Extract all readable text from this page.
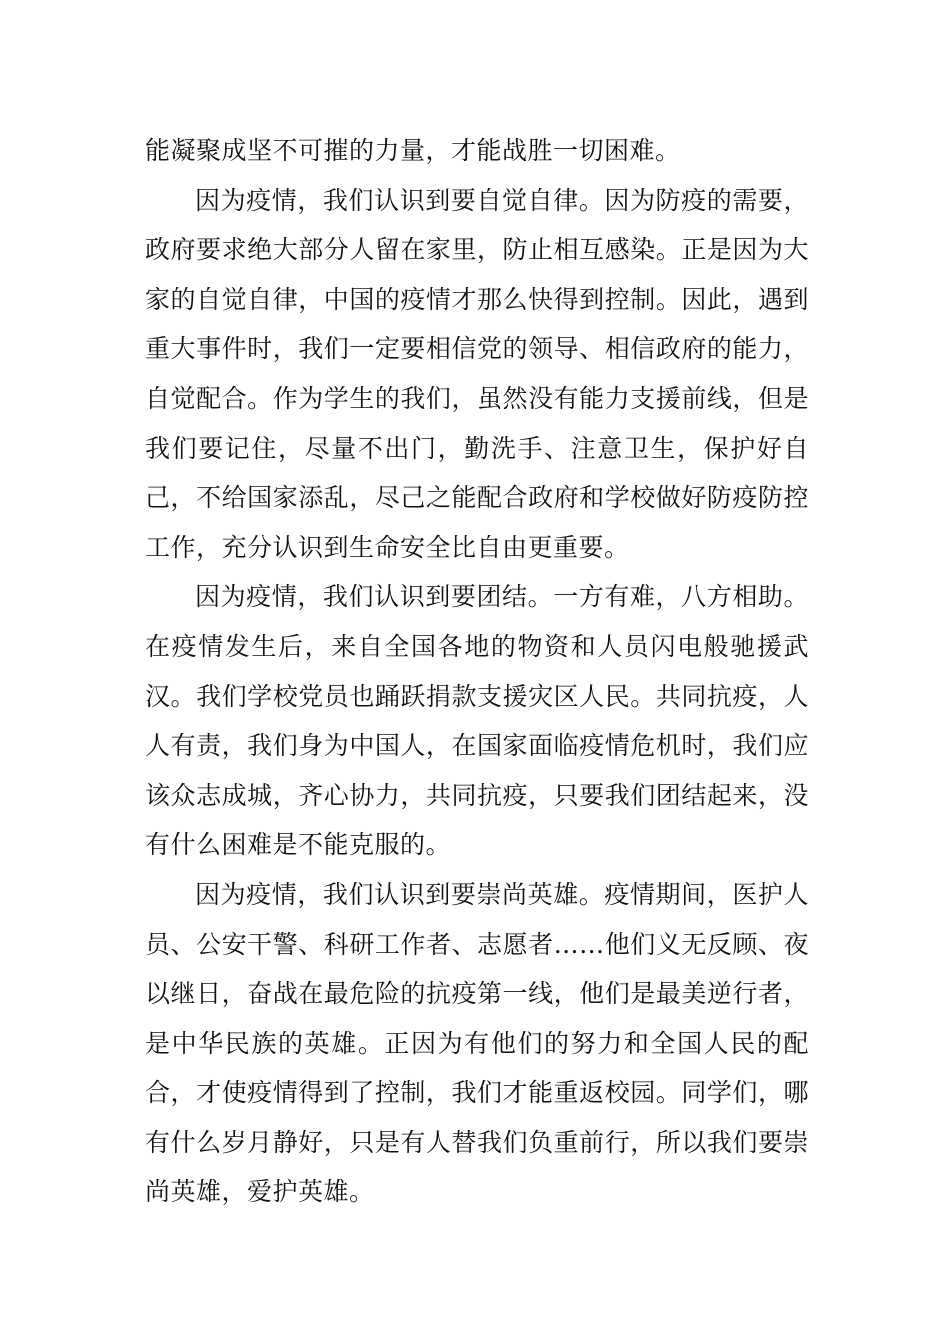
能凝聚成坚不可摧的力量，才能战胜一切困难。

因为疫情，我们认识到要自觉自律。因为防疫的需要，政府要求绝大部分人留在家里，防止相互感染。正是因为大家的自觉自律，中国的疫情才那么快得到控制。因此，遇到重大事件时，我们一定要相信党的领导、相信政府的能力，自觉配合。作为学生的我们，虽然没有能力支援前线，但是我们要记住，尽量不出门，勤洗手、注意卫生，保护好自己，不给国家添乱，尽己之能配合政府和学校做好防疫防控工作，充分认识到生命安全比自由更重要。

因为疫情，我们认识到要团结。一方有难，八方相助。在疫情发生后，来自全国各地的物资和人员闪电般驰援武汉。我们学校党员也踊跃捐款支援灾区人民。共同抗疫，人人有责，我们身为中国人，在国家面临疫情危机时，我们应该众志成城，齐心协力，共同抗疫，只要我们团结起来，没有什么困难是不能克服的。

因为疫情，我们认识到要崇尚英雄。疫情期间，医护人员、公安干警、科研工作者、志愿者……他们义无反顾、夜以继日，奋战在最危险的抗疫第一线，他们是最美逆行者，是中华民族的英雄。正因为有他们的努力和全国人民的配合，才使疫情得到了控制，我们才能重返校园。同学们，哪有什么岁月静好，只是有人替我们负重前行，所以我们要崇尚英雄，爱护英雄。
